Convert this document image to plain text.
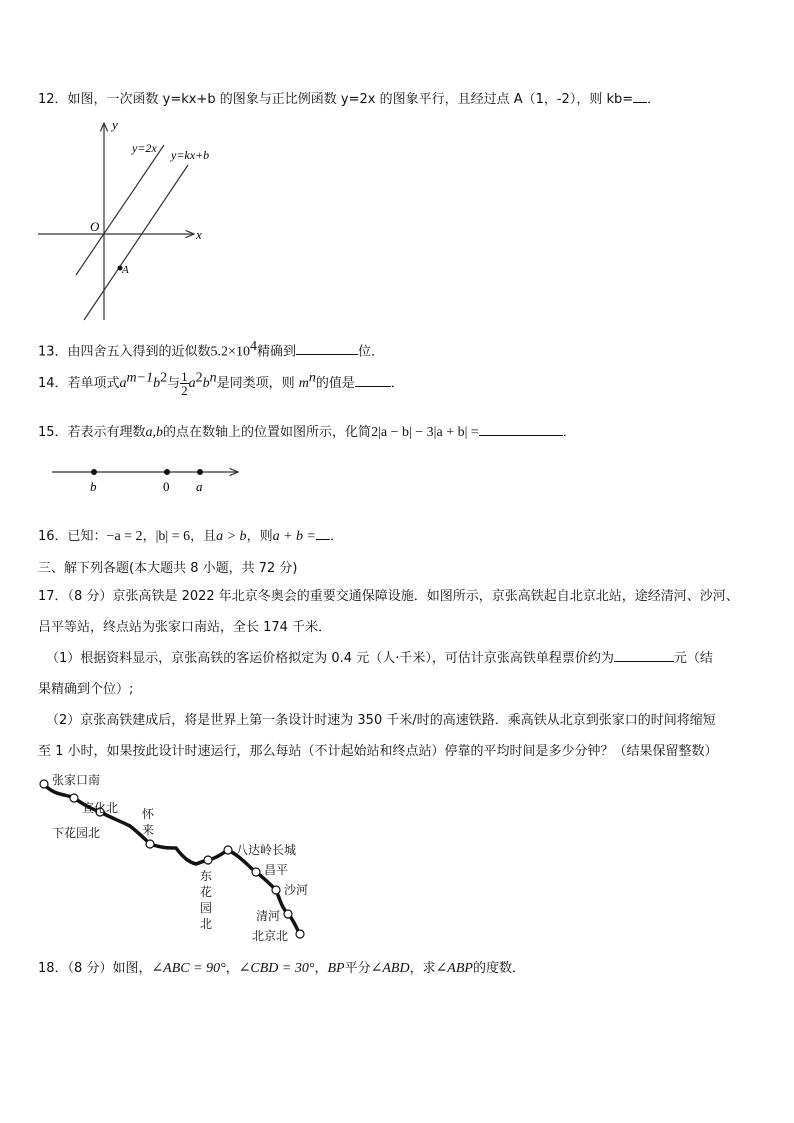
12．如图，一次函数 y=kx+b 的图象与正比例函数 y=2x 的图象平行，且经过点 A（1，-2），则 kb= ．
y
x
O
y=2x y=kx+b
A
13．由四舍五入得到的近似数$5.2\times 10^4$精确到	位．
14．若单项式$a^{m-1}b^2$与 $\frac{1}{2} a^2b^n$是同类项，则 $m^n$的值是	．
15．若表示有理数a,b的点在数轴上的位置如图所示，化简2|a − b| − 3|a + b| =	．
b	0 a
16．已知：−a = 2，|b| = 6，且a > b，则a + b = ．
三、解下列各题(本大题共 8 小题，共 72 分)
17．（8 分）京张高铁是 2022 年北京冬奥会的重要交通保障设施．如图所示，京张高铁起自北京北站，途经清河、沙河、
吕平等站，终点站为张家口南站，全长 174 千米．
（1）根据资料显示，京张高铁的客运价格拟定为 0.4 元（人·千米），可估计京张高铁单程票价约为	元（结
果精确到个位）;
（2）京张高铁建成后，将是世界上第一条设计时速为 350 千米/时的高速铁路．乘高铁从北京到张家口的时间将缩短
至 1 小时，如果按此设计时速运行，那么每站（不计起始站和终点站）停靠的平均时间是多少分钟？（结果保留整数）
张家口南
宣化北
下花园北
怀
来
东
花
园
北
八达岭长城
昌平
沙河
清河
北京北
18．（8 分）如图，∠ABC = 90°，∠CBD = 30°，BP平分∠ABD，求∠ABP的度数．
